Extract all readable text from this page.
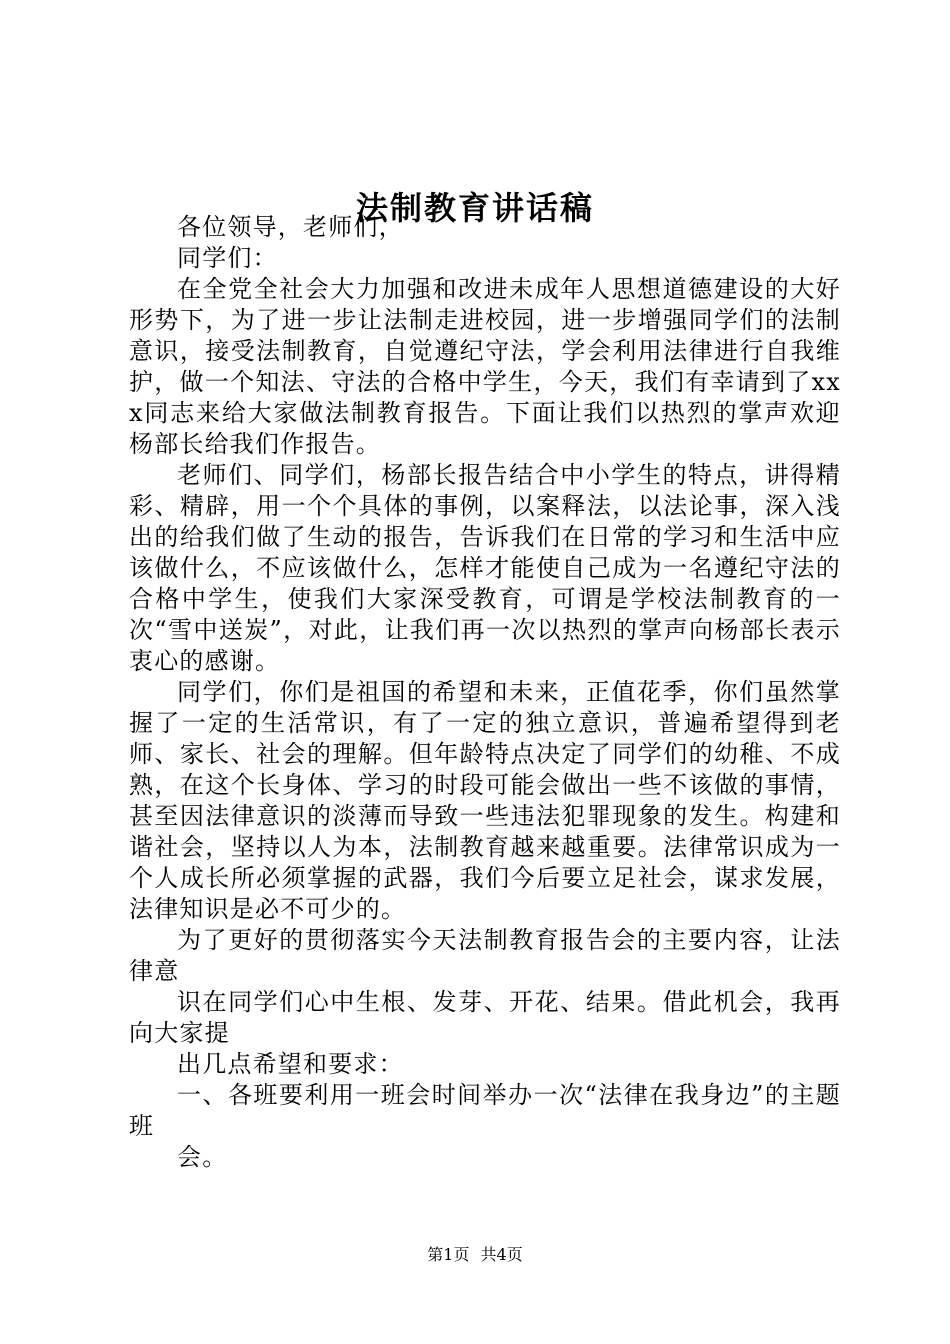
法制教育讲话稿

各位领导，老师们，

同学们：

在全党全社会大力加强和改进未成年人思想道德建设的大好形势下，为了进一步让法制走进校园，进一步增强同学们的法制意识，接受法制教育，自觉遵纪守法，学会利用法律进行自我维护，做一个知法、守法的合格中学生，今天，我们有幸请到了xxx同志来给大家做法制教育报告。下面让我们以热烈的掌声欢迎杨部长给我们作报告。

老师们、同学们，杨部长报告结合中小学生的特点，讲得精彩、精辟，用一个个具体的事例，以案释法，以法论事，深入浅出的给我们做了生动的报告，告诉我们在日常的学习和生活中应该做什么，不应该做什么，怎样才能使自己成为一名遵纪守法的合格中学生，使我们大家深受教育，可谓是学校法制教育的一次“雪中送炭”，对此，让我们再一次以热烈的掌声向杨部长表示衷心的感谢。

同学们，你们是祖国的希望和未来，正值花季，你们虽然掌握了一定的生活常识，有了一定的独立意识，普遍希望得到老师、家长、社会的理解。但年龄特点决定了同学们的幼稚、不成熟，在这个长身体、学习的时段可能会做出一些不该做的事情，甚至因法律意识的淡薄而导致一些违法犯罪现象的发生。构建和谐社会，坚持以人为本，法制教育越来越重要。法律常识成为一个人成长所必须掌握的武器，我们今后要立足社会，谋求发展，法律知识是必不可少的。

为了更好的贯彻落实今天法制教育报告会的主要内容，让法律意

识在同学们心中生根、发芽、开花、结果。借此机会，我再向大家提

出几点希望和要求：

一、各班要利用一班会时间举办一次“法律在我身边”的主题班

会。

第1页 共4页
